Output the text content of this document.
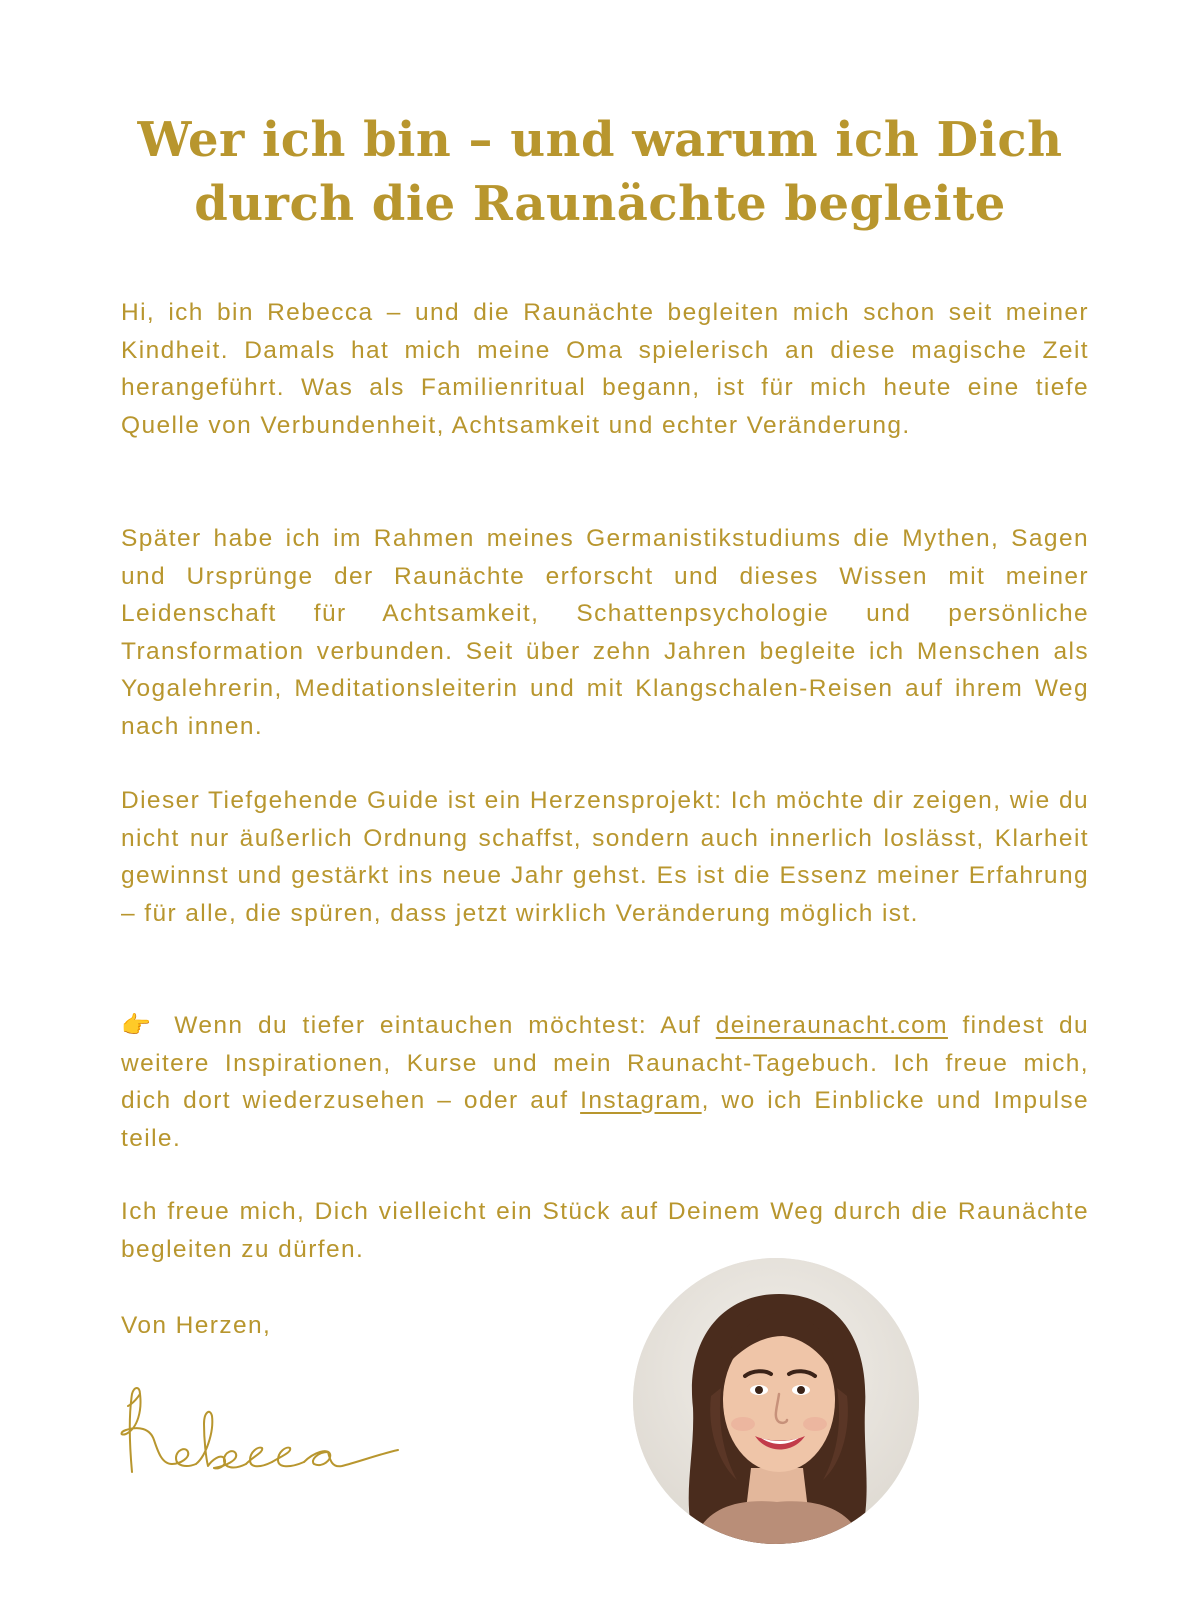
Wer ich bin – und warum ich Dich
durch die Raunächte begleite

Hi, ich bin Rebecca – und die Raunächte begleiten mich schon seit meiner Kindheit. Damals hat mich meine Oma spielerisch an diese magische Zeit herangeführt. Was als Familienritual begann, ist für mich heute eine tiefe Quelle von Verbundenheit, Achtsamkeit und echter Veränderung.

Später habe ich im Rahmen meines Germanistikstudiums die Mythen, Sagen und Ursprünge der Raunächte erforscht und dieses Wissen mit meiner Leidenschaft für Achtsamkeit, Schattenpsychologie und persönliche Transformation verbunden. Seit über zehn Jahren begleite ich Menschen als Yogalehrerin, Meditationsleiterin und mit Klangschalen-Reisen auf ihrem Weg nach innen.

Dieser Tiefgehende Guide ist ein Herzensprojekt: Ich möchte dir zeigen, wie du nicht nur äußerlich Ordnung schaffst, sondern auch innerlich loslässt, Klarheit gewinnst und gestärkt ins neue Jahr gehst. Es ist die Essenz meiner Erfahrung – für alle, die spüren, dass jetzt wirklich Veränderung möglich ist.

👉 Wenn du tiefer eintauchen möchtest: Auf deineraunacht.com findest du weitere Inspirationen, Kurse und mein Raunacht-Tagebuch. Ich freue mich, dich dort wiederzusehen – oder auf Instagram, wo ich Einblicke und Impulse teile.

Ich freue mich, Dich vielleicht ein Stück auf Deinem Weg durch die Raunächte begleiten zu dürfen.

Von Herzen,
